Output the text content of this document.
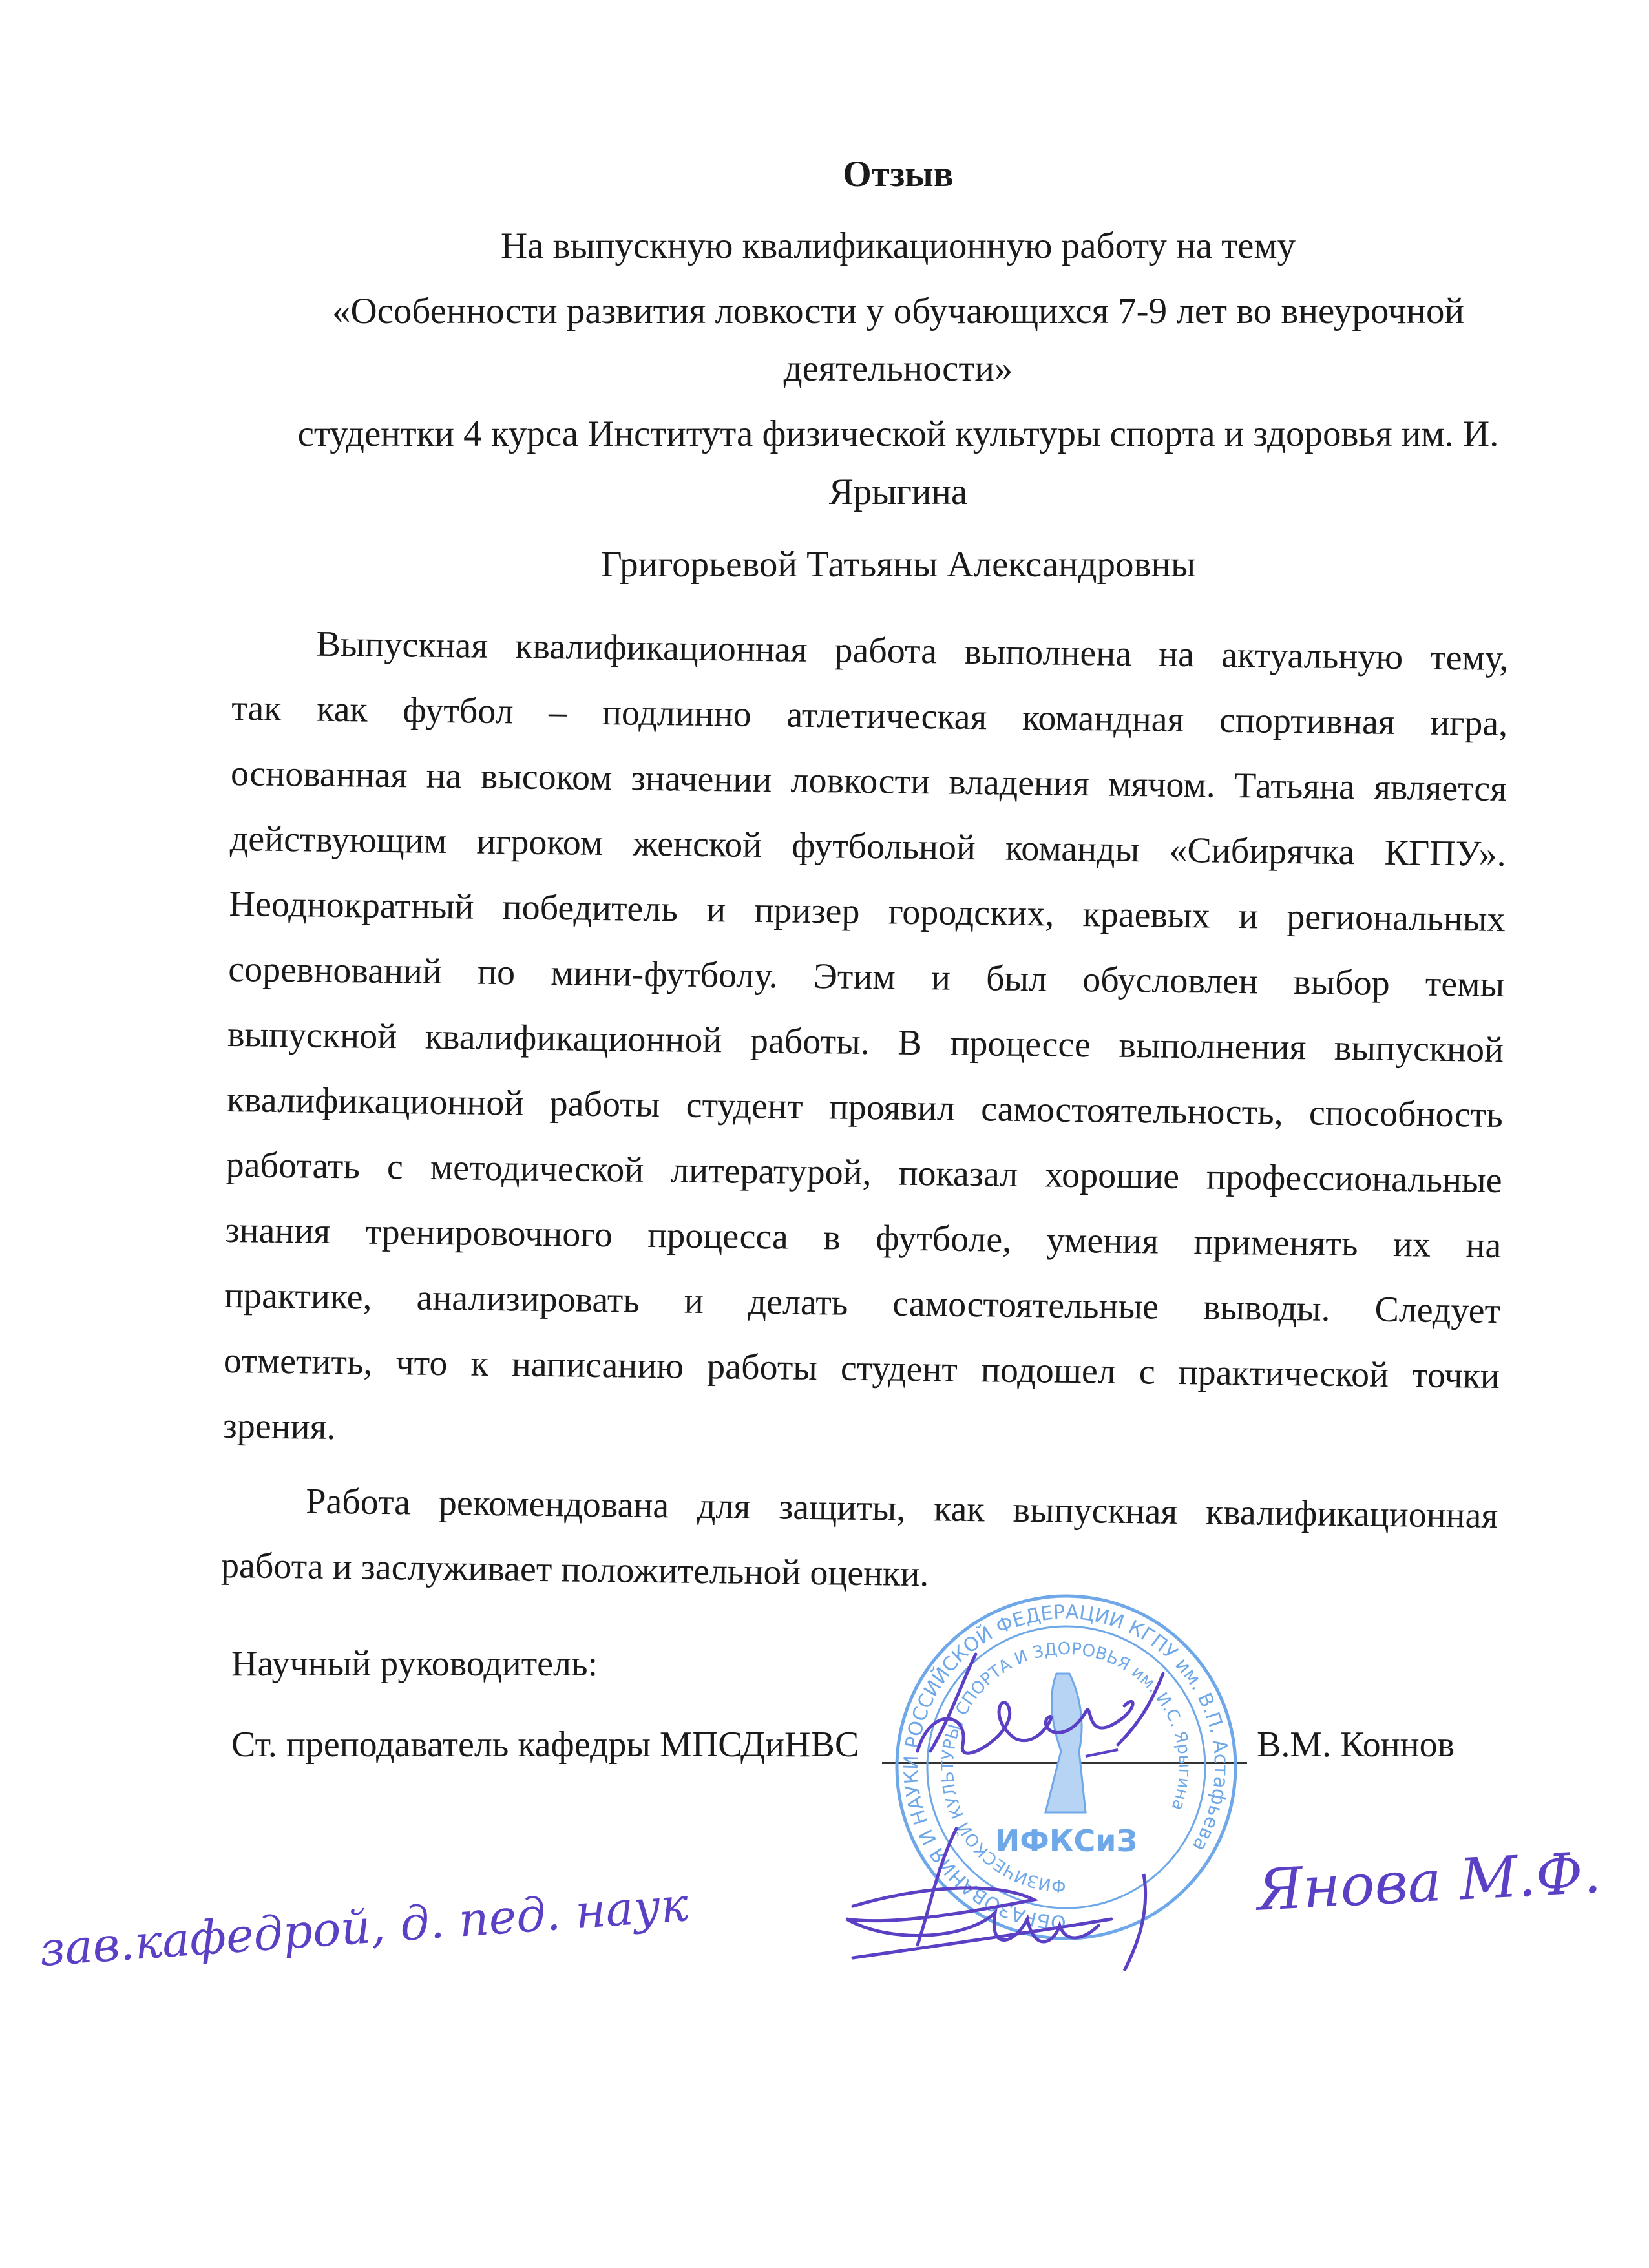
Отзыв
На выпускную квалификационную работу на тему
«Особенности развития ловкости у обучающихся 7-9 лет во внеурочной
деятельности»
студентки 4 курса Института физической культуры спорта и здоровья им. И.
Ярыгина
Григорьевой Татьяны Александровны
Выпускная квалификационная работа выполнена на актуальную тему,
так как футбол – подлинно атлетическая командная спортивная игра,
основанная на высоком значении ловкости владения мячом. Татьяна является
действующим игроком женской футбольной команды «Сибирячка КГПУ».
Неоднократный победитель и призер городских, краевых и региональных
соревнований по мини-футболу. Этим и был обусловлен выбор темы
выпускной квалификационной работы. В процессе выполнения выпускной
квалификационной работы студент проявил самостоятельность, способность
работать с методической литературой, показал хорошие профессиональные
знания тренировочного процесса в футболе, умения применять их на
практике, анализировать и делать самостоятельные выводы. Следует
отметить, что к написанию работы студент подошел с практической точки
зрения.
Работа рекомендована для защиты, как выпускная квалификационная
работа и заслуживает положительной оценки.
Научный руководитель:
Ст. преподаватель кафедры МПСДиНВС	В.М. Коннов
ОБРАЗОВАНИЯ И НАУКИ РОССИЙСКОЙ ФЕДЕРАЦИИ КГПУ им. В.П. Астафьева
ФИЗИЧЕСКОЙ КУЛЬТУРЫ, СПОРТА И ЗДОРОВЬЯ им. И.С. Ярыгина
ИФКСиЗ
зав.кафедрой, д. пед. наук	Янова М.Ф.
